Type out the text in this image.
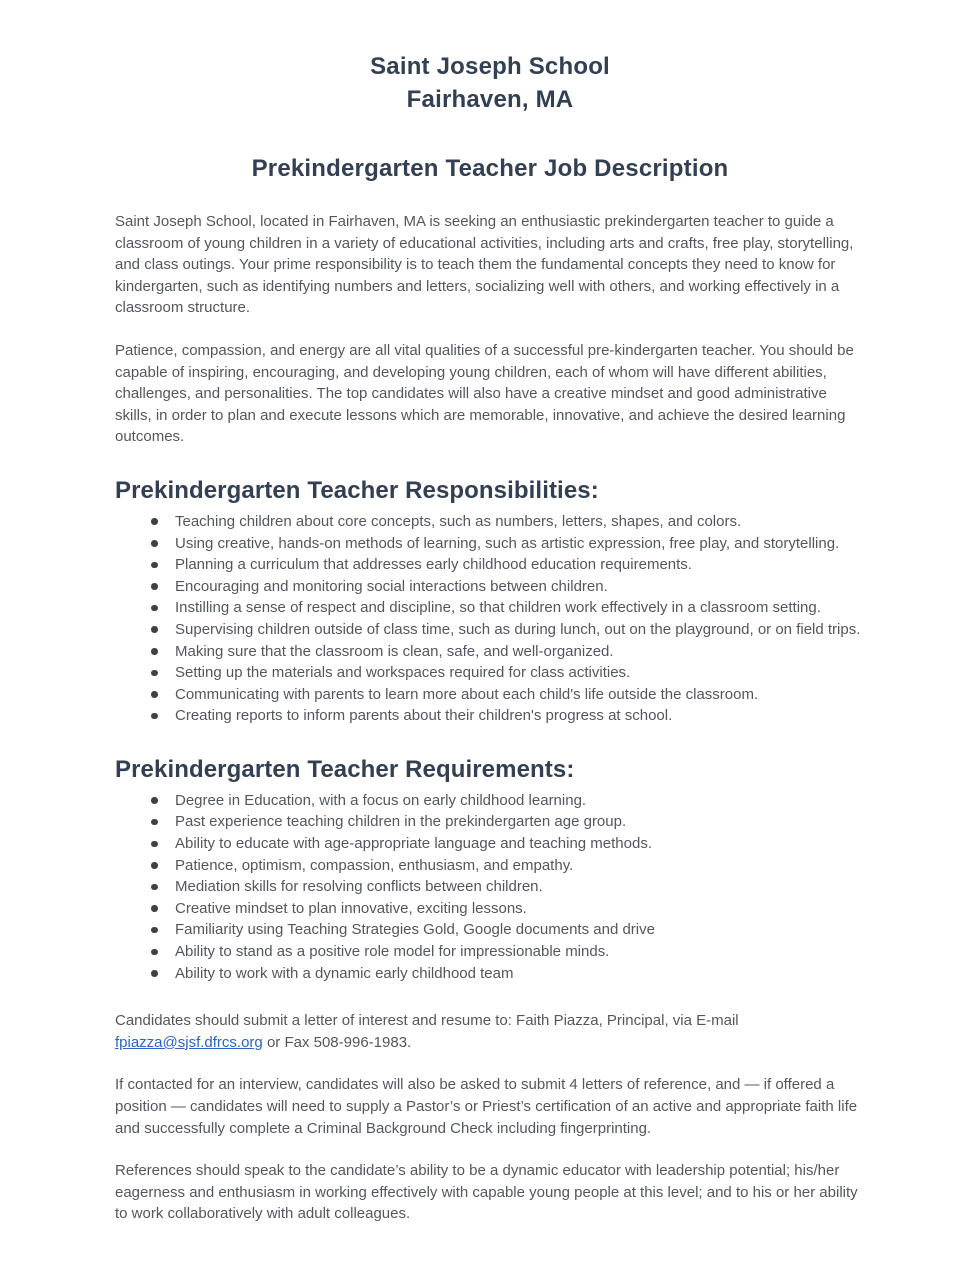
Saint Joseph School
Fairhaven, MA
Prekindergarten Teacher Job Description

Saint Joseph School, located in Fairhaven, MA is seeking an enthusiastic prekindergarten teacher to guide a classroom of young children in a variety of educational activities, including arts and crafts, free play, storytelling, and class outings. Your prime responsibility is to teach them the fundamental concepts they need to know for kindergarten, such as identifying numbers and letters, socializing well with others, and working effectively in a classroom structure.

Patience, compassion, and energy are all vital qualities of a successful pre-kindergarten teacher. You should be capable of inspiring, encouraging, and developing young children, each of whom will have different abilities, challenges, and personalities. The top candidates will also have a creative mindset and good administrative skills, in order to plan and execute lessons which are memorable, innovative, and achieve the desired learning outcomes.

Prekindergarten Teacher Responsibilities:
Teaching children about core concepts, such as numbers, letters, shapes, and colors.
Using creative, hands-on methods of learning, such as artistic expression, free play, and storytelling.
Planning a curriculum that addresses early childhood education requirements.
Encouraging and monitoring social interactions between children.
Instilling a sense of respect and discipline, so that children work effectively in a classroom setting.
Supervising children outside of class time, such as during lunch, out on the playground, or on field trips.
Making sure that the classroom is clean, safe, and well-organized.
Setting up the materials and workspaces required for class activities.
Communicating with parents to learn more about each child's life outside the classroom.
Creating reports to inform parents about their children's progress at school.
Prekindergarten Teacher Requirements:
Degree in Education, with a focus on early childhood learning.
Past experience teaching children in the prekindergarten age group.
Ability to educate with age-appropriate language and teaching methods.
Patience, optimism, compassion, enthusiasm, and empathy.
Mediation skills for resolving conflicts between children.
Creative mindset to plan innovative, exciting lessons.
Familiarity using Teaching Strategies Gold, Google documents and drive
Ability to stand as a positive role model for impressionable minds.
Ability to work with a dynamic early childhood team

Candidates should submit a letter of interest and resume to: Faith Piazza, Principal, via E-mail fpiazza@sjsf.dfrcs.org or Fax 508-996-1983.

If contacted for an interview, candidates will also be asked to submit 4 letters of reference, and — if offered a position — candidates will need to supply a Pastor’s or Priest’s certification of an active and appropriate faith life and successfully complete a Criminal Background Check including fingerprinting.

References should speak to the candidate’s ability to be a dynamic educator with leadership potential; his/her eagerness and enthusiasm in working effectively with capable young people at this level; and to his or her ability to work collaboratively with adult colleagues.
